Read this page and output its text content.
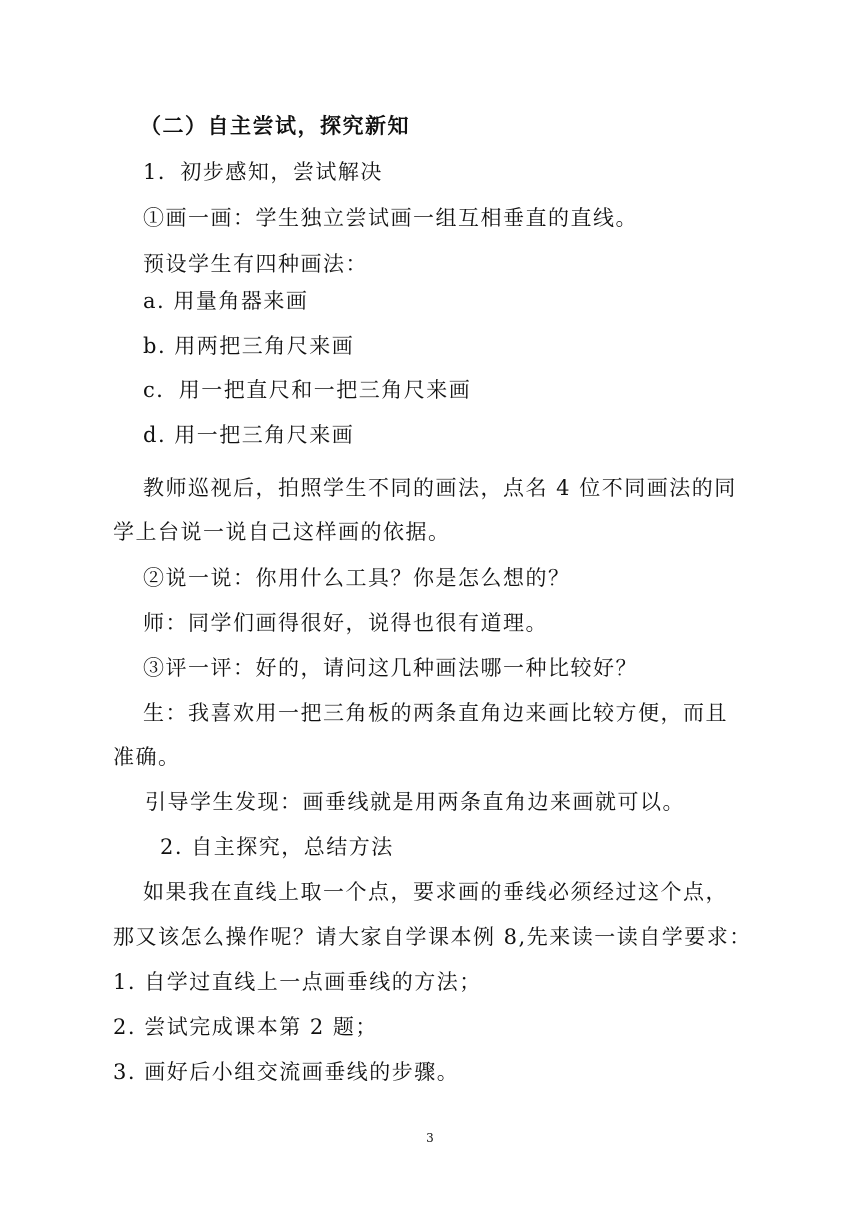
（二）自主尝试，探究新知
1．初步感知，尝试解决
①画一画：学生独立尝试画一组互相垂直的直线。
预设学生有四种画法：
a. 用量角器来画
b. 用两把三角尺来画
c．用一把直尺和一把三角尺来画
d. 用一把三角尺来画
教师巡视后，拍照学生不同的画法，点名 4 位不同画法的同
学上台说一说自己这样画的依据。
②说一说：你用什么工具？你是怎么想的？
师：同学们画得很好，说得也很有道理。
③评一评：好的，请问这几种画法哪一种比较好？
生：我喜欢用一把三角板的两条直角边来画比较方便，而且
准确。
引导学生发现：画垂线就是用两条直角边来画就可以。
2. 自主探究，总结方法
如果我在直线上取一个点，要求画的垂线必须经过这个点，
那又该怎么操作呢？请大家自学课本例 8,先来读一读自学要求：
1. 自学过直线上一点画垂线的方法；
2. 尝试完成课本第 2 题；
3. 画好后小组交流画垂线的步骤。
3
